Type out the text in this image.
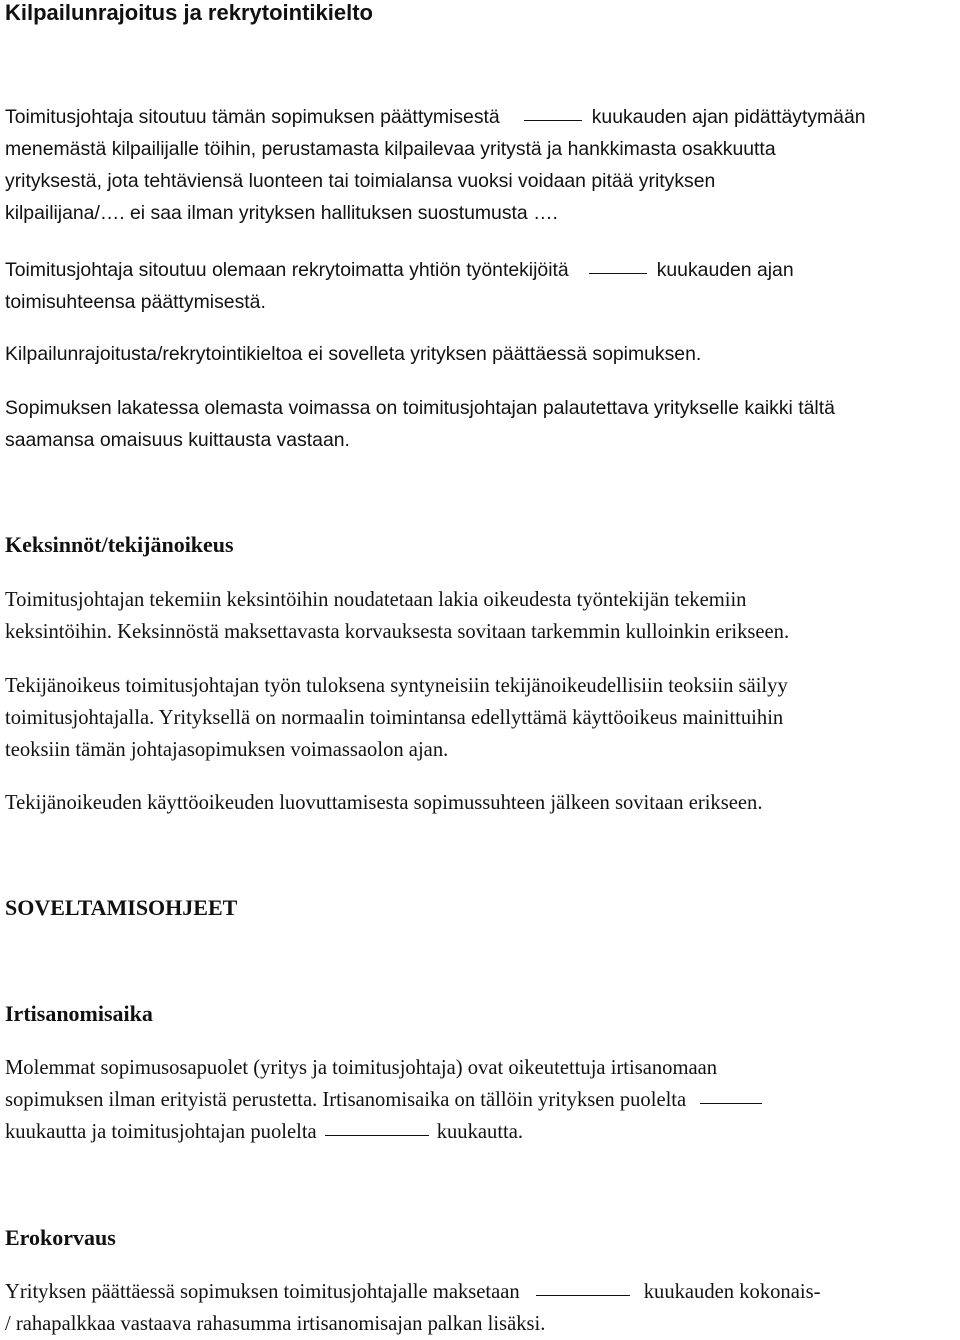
Kilpailunrajoitus ja rekrytointikielto
Toimitusjohtaja sitoutuu tämän sopimuksen päättymisestä	kuukauden ajan pidättäytymään
menemästä kilpailijalle töihin, perustamasta kilpailevaa yritystä ja hankkimasta osakkuutta
yrityksestä, jota tehtäviensä luonteen tai toimialansa vuoksi voidaan pitää yrityksen
kilpailijana/…. ei saa ilman yrityksen hallituksen suostumusta ….
Toimitusjohtaja sitoutuu olemaan rekrytoimatta yhtiön työntekijöitä	kuukauden ajan
toimisuhteensa päättymisestä.
Kilpailunrajoitusta/rekrytointikieltoa ei sovelleta yrityksen päättäessä sopimuksen.
Sopimuksen lakatessa olemasta voimassa on toimitusjohtajan palautettava yritykselle kaikki tältä
saamansa omaisuus kuittausta vastaan.
Keksinnöt/tekijänoikeus
Toimitusjohtajan tekemiin keksintöihin noudatetaan lakia oikeudesta työntekijän tekemiin
keksintöihin. Keksinnöstä maksettavasta korvauksesta sovitaan tarkemmin kulloinkin erikseen.
Tekijänoikeus toimitusjohtajan työn tuloksena syntyneisiin tekijänoikeudellisiin teoksiin säilyy
toimitusjohtajalla. Yrityksellä on normaalin toimintansa edellyttämä käyttöoikeus mainittuihin
teoksiin tämän johtajasopimuksen voimassaolon ajan.
Tekijänoikeuden käyttöoikeuden luovuttamisesta sopimussuhteen jälkeen sovitaan erikseen.
SOVELTAMISOHJEET
Irtisanomisaika
Molemmat sopimusosapuolet (yritys ja toimitusjohtaja) ovat oikeutettuja irtisanomaan
sopimuksen ilman erityistä perustetta. Irtisanomisaika on tällöin yrityksen puolelta
kuukautta ja toimitusjohtajan puolelta	kuukautta.
Erokorvaus
Yrityksen päättäessä sopimuksen toimitusjohtajalle maksetaan	kuukauden kokonais-
/ rahapalkkaa vastaava rahasumma irtisanomisajan palkan lisäksi.
